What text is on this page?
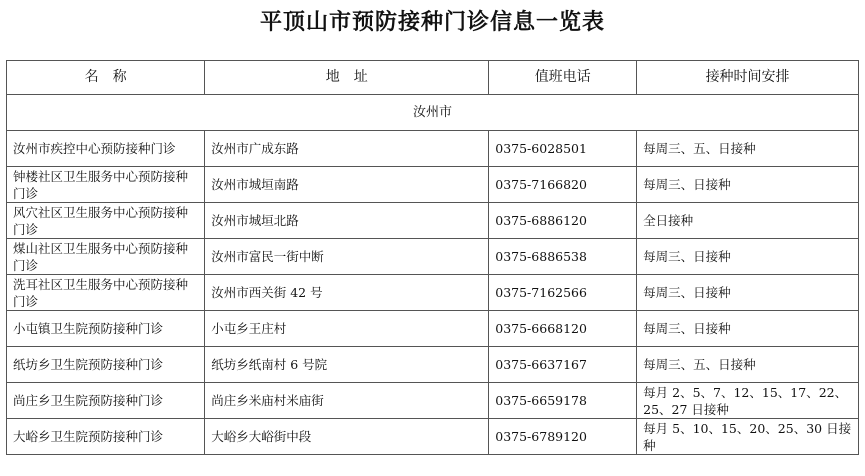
平顶山市预防接种门诊信息一览表
名　称	地　址	值班电话	接种时间安排
汝州市			
汝州市疾控中心预防接种门诊	汝州市广成东路	0375-6028501	每周三、五、日接种
钟楼社区卫生服务中心预防接种门诊	汝州市城垣南路	0375-7166820	每周三、日接种
风穴社区卫生服务中心预防接种门诊	汝州市城垣北路	0375-6886120	全日接种
煤山社区卫生服务中心预防接种门诊	汝州市富民一街中断	0375-6886538	每周三、日接种
洗耳社区卫生服务中心预防接种门诊	汝州市西关街 42 号	0375-7162566	每周三、日接种
小屯镇卫生院预防接种门诊	小屯乡王庄村	0375-6668120	每周三、日接种
纸坊乡卫生院预防接种门诊	纸坊乡纸南村 6 号院	0375-6637167	每周三、五、日接种
尚庄乡卫生院预防接种门诊	尚庄乡米庙村米庙街	0375-6659178	每月 2、5、7、12、15、17、22、25、27 日接种
大峪乡卫生院预防接种门诊	大峪乡大峪街中段	0375-6789120	每月 5、10、15、20、25、30 日接种
